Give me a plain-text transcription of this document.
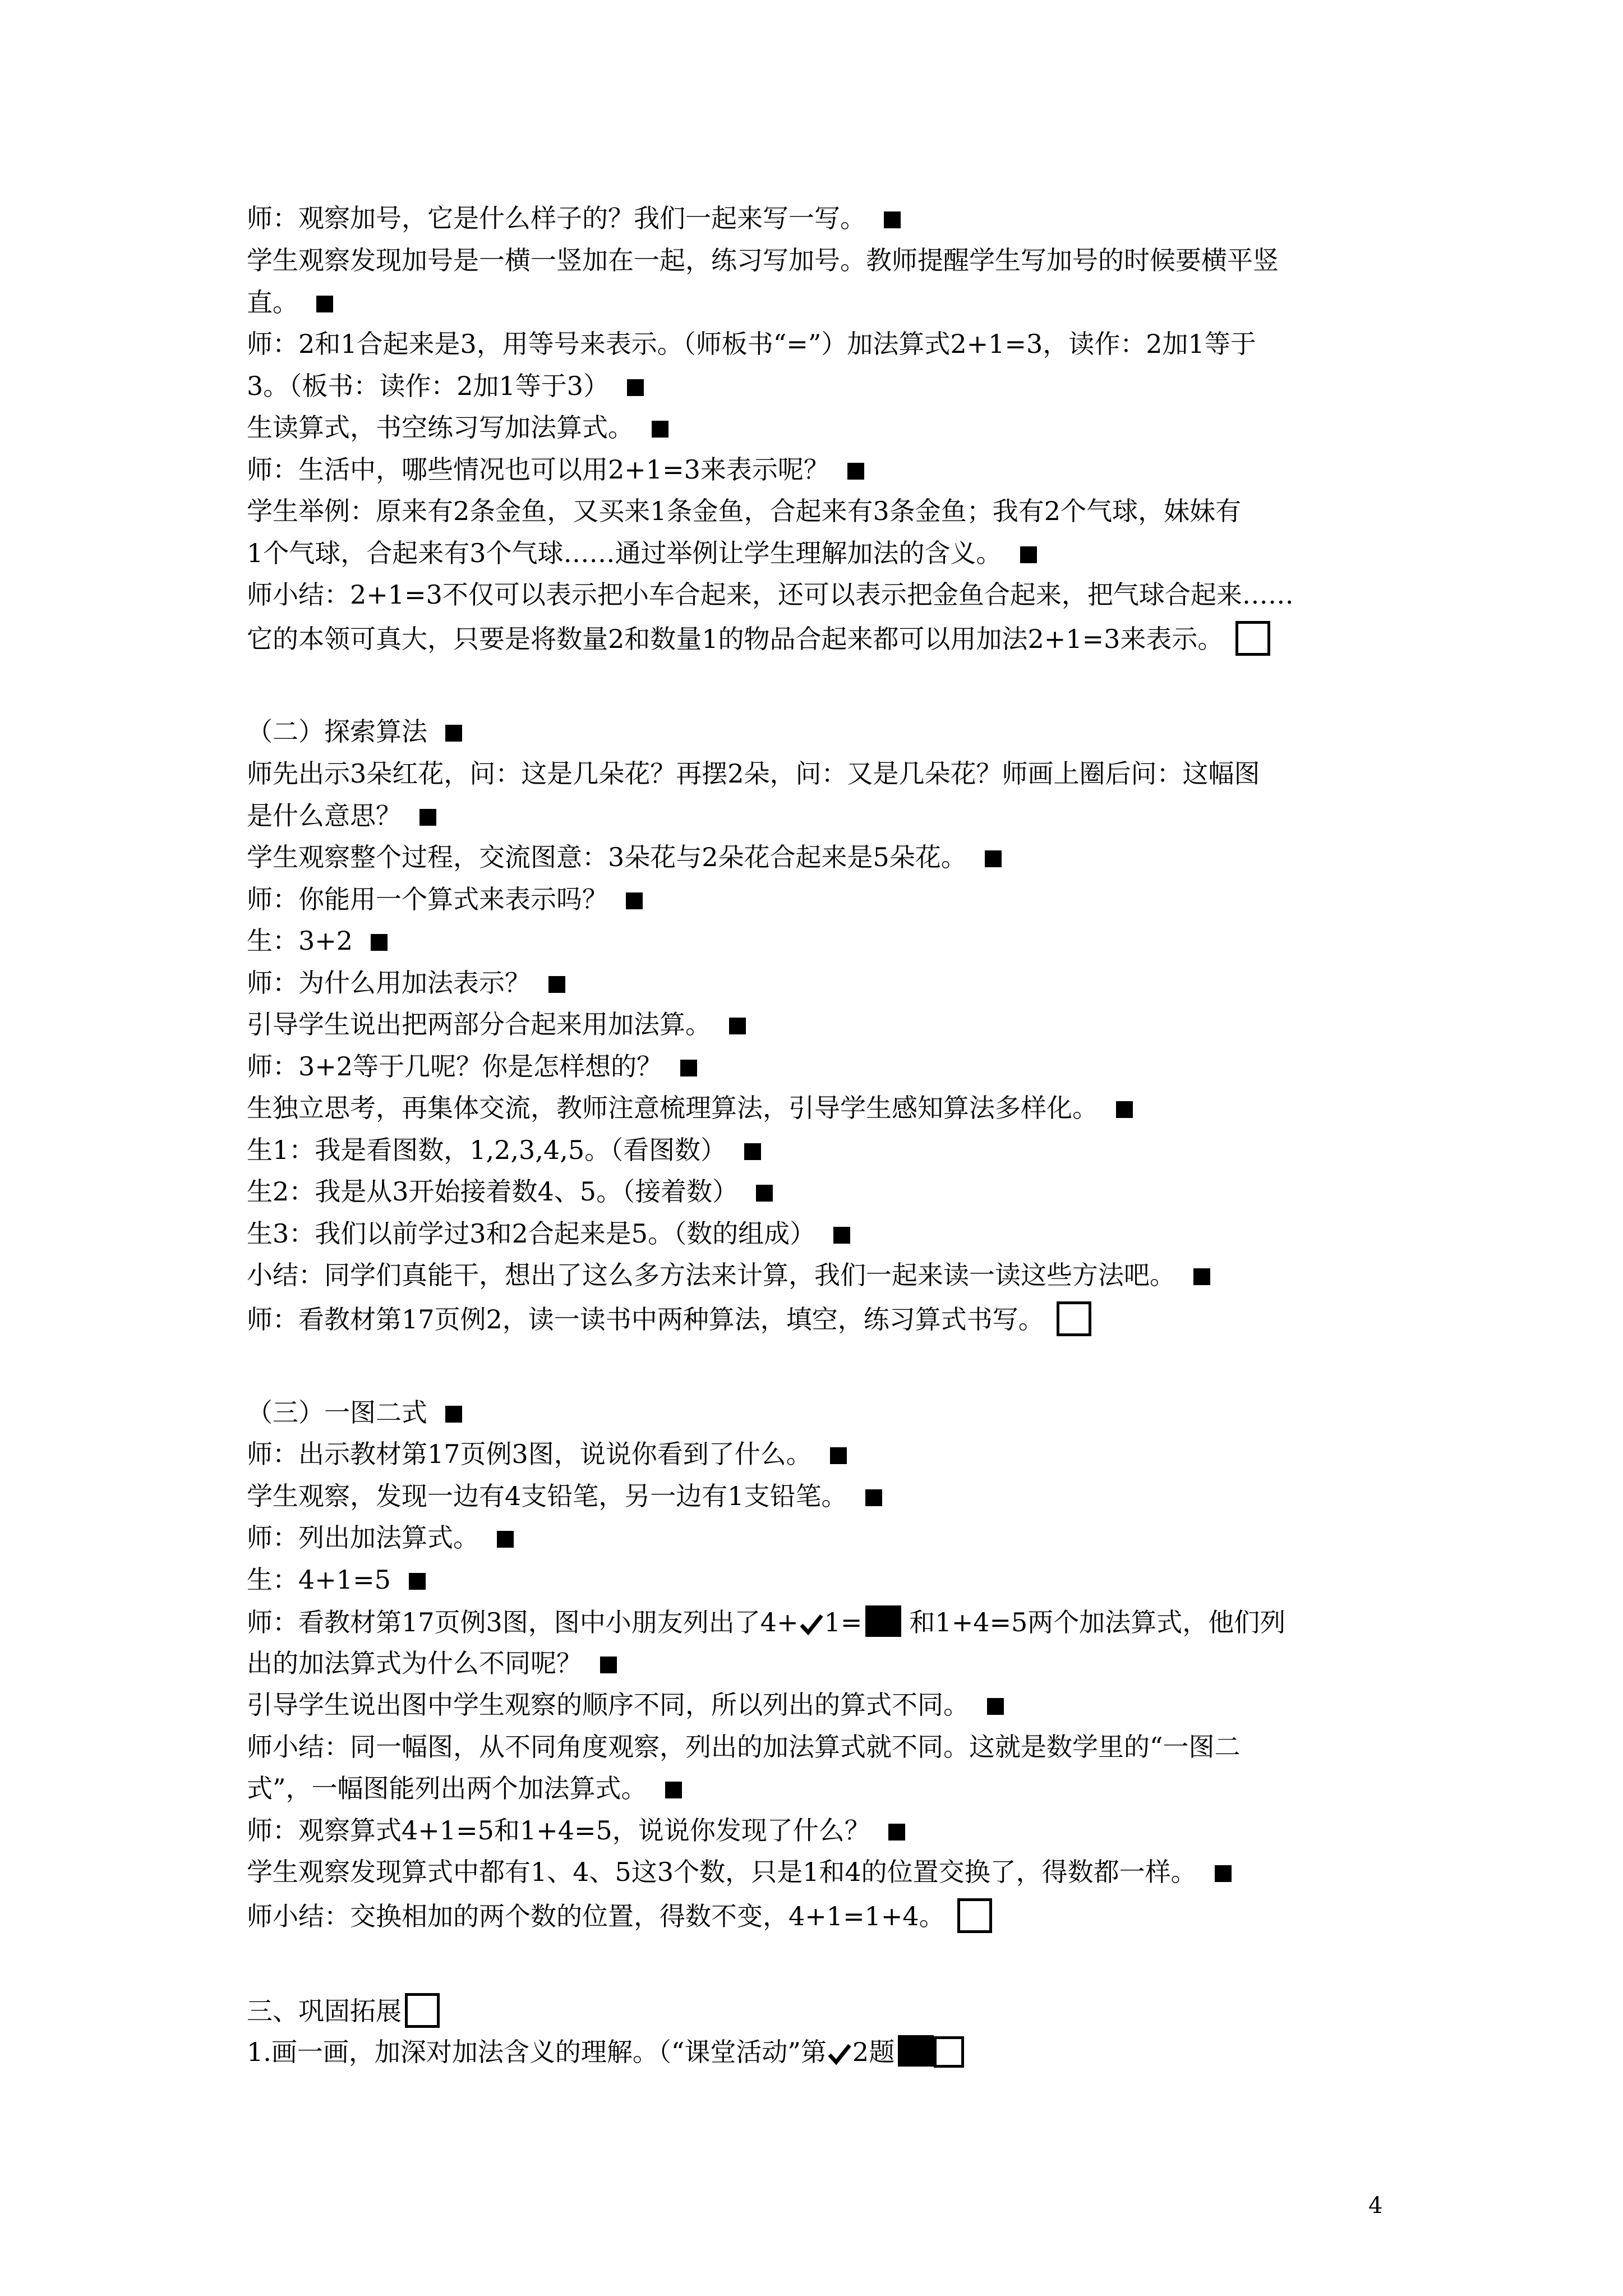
师：观察加号，它是什么样子的？我们一起来写一写。
学生观察发现加号是一横一竖加在一起，练习写加号。教师提醒学生写加号的时候要横平竖
直。
师：2和1合起来是3，用等号来表示。（师板书“=”）加法算式2+1=3，读作：2加1等于
3。（板书：读作：2加1等于3）
生读算式，书空练习写加法算式。
师：生活中，哪些情况也可以用2+1=3来表示呢？
学生举例：原来有2条金鱼，又买来1条金鱼，合起来有3条金鱼；我有2个气球，妹妹有
1个气球，合起来有3个气球……通过举例让学生理解加法的含义。
师小结：2+1=3不仅可以表示把小车合起来，还可以表示把金鱼合起来，把气球合起来……
它的本领可真大，只要是将数量2和数量1的物品合起来都可以用加法2+1=3来表示。
（二）探索算法
师先出示3朵红花，问：这是几朵花？再摆2朵，问：又是几朵花？师画上圈后问：这幅图
是什么意思？
学生观察整个过程，交流图意：3朵花与2朵花合起来是5朵花。
师：你能用一个算式来表示吗？
生：3+2
师：为什么用加法表示？
引导学生说出把两部分合起来用加法算。
师：3+2等于几呢？你是怎样想的？
生独立思考，再集体交流，教师注意梳理算法，引导学生感知算法多样化。
生1：我是看图数，1,2,3,4,5。（看图数）
生2：我是从3开始接着数4、5。（接着数）
生3：我们以前学过3和2合起来是5。（数的组成）
小结：同学们真能干，想出了这么多方法来计算，我们一起来读一读这些方法吧。
师：看教材第17页例2，读一读书中两种算法，填空，练习算式书写。
（三）一图二式
师：出示教材第17页例3图，说说你看到了什么。
学生观察，发现一边有4支铅笔，另一边有1支铅笔。
师：列出加法算式。
生：4+1=5
师：看教材第17页例3图，图中小朋友列出了4+ 1= 和1+4=5两个加法算式，他们列
出的加法算式为什么不同呢？
引导学生说出图中学生观察的顺序不同，所以列出的算式不同。
师小结：同一幅图，从不同角度观察，列出的加法算式就不同。这就是数学里的“一图二
式”，一幅图能列出两个加法算式。
师：观察算式4+1=5和1+4=5，说说你发现了什么？
学生观察发现算式中都有1、4、5这3个数，只是1和4的位置交换了，得数都一样。
师小结：交换相加的两个数的位置，得数不变，4+1=1+4。
三、巩固拓展
1.画一画，加深对加法含义的理解。（“课堂活动”第 2题
4
